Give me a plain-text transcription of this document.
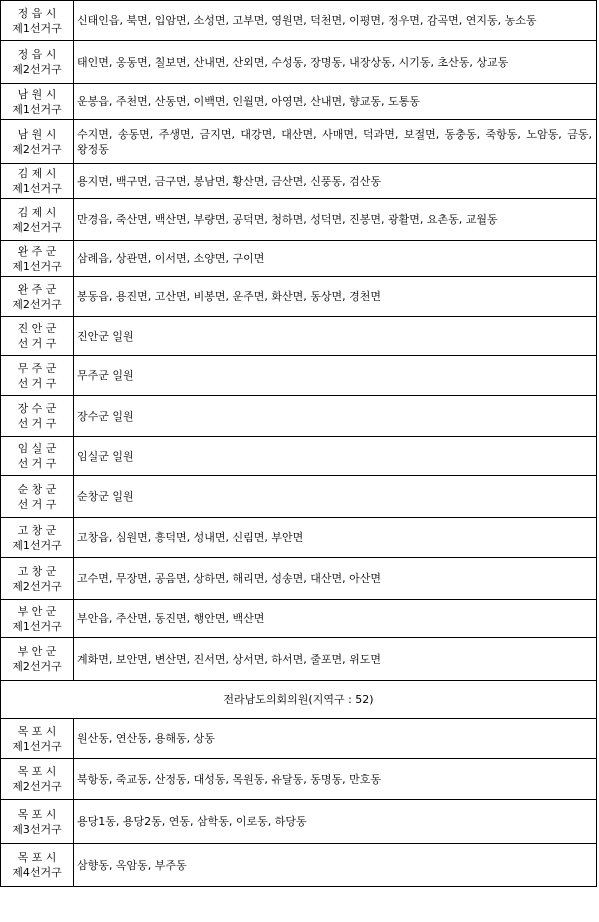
정 읍 시
제1선거구	신태인읍, 북면, 입암면, 소성면, 고부면, 영원면, 덕천면, 이평면, 정우면, 감곡면, 연지동, 농소동

정 읍 시
제2선거구	태인면, 옹동면, 칠보면, 산내면, 산외면, 수성동, 장명동, 내장상동, 시기동, 초산동, 상교동

남 원 시
제1선거구	운봉읍, 주천면, 산동면, 이백면, 인월면, 아영면, 산내면, 향교동, 도통동

남 원 시
제2선거구	수지면, 송동면, 주생면, 금지면, 대강면, 대산면, 사매면, 덕과면, 보절면, 동충동, 죽항동, 노암동, 금동, 왕정동

김 제 시
제1선거구	용지면, 백구면, 금구면, 봉남면, 황산면, 금산면, 신풍동, 검산동

김 제 시
제2선거구	만경읍, 죽산면, 백산면, 부량면, 공덕면, 청하면, 성덕면, 진봉면, 광활면, 요촌동, 교월동

완 주 군
제1선거구	삼례읍, 상관면, 이서면, 소양면, 구이면

완 주 군
제2선거구	봉동읍, 용진면, 고산면, 비봉면, 운주면, 화산면, 동상면, 경천면

진 안 군
선 거 구	진안군 일원

무 주 군
선 거 구	무주군 일원

장 수 군
선 거 구	장수군 일원

임 실 군
선 거 구	임실군 일원

순 창 군
선 거 구	순창군 일원

고 창 군
제1선거구	고창읍, 심원면, 흥덕면, 성내면, 신림면, 부안면

고 창 군
제2선거구	고수면, 무장면, 공음면, 상하면, 해리면, 성송면, 대산면, 아산면

부 안 군
제1선거구	부안읍, 주산면, 동진면, 행안면, 백산면

부 안 군
제2선거구	계화면, 보안면, 변산면, 진서면, 상서면, 하서면, 줄포면, 위도면
전라남도의회의원(지역구 : 52)	

목 포 시
제1선거구	원산동, 연산동, 용해동, 상동

목 포 시
제2선거구	북항동, 죽교동, 산정동, 대성동, 목원동, 유달동, 동명동, 만호동

목 포 시
제3선거구	용당1동, 용당2동, 연동, 삼학동, 이로동, 하당동

목 포 시
제4선거구	삼향동, 옥암동, 부주동
